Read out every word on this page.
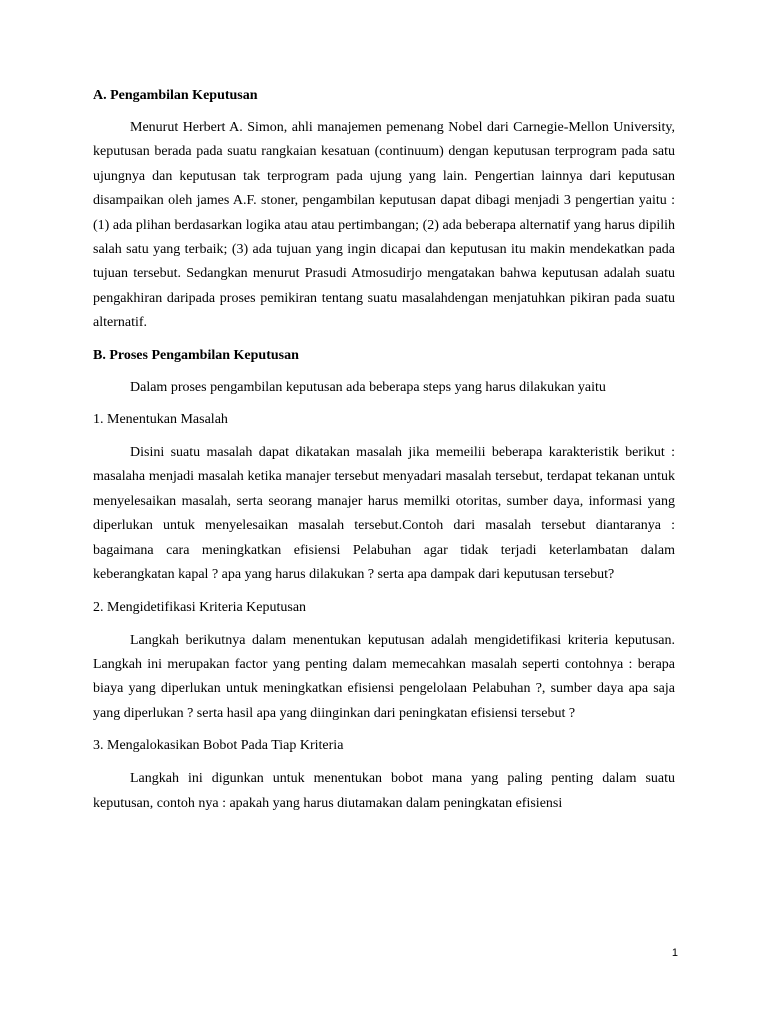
A. Pengambilan Keputusan
Menurut Herbert A. Simon, ahli manajemen pemenang Nobel dari Carnegie-Mellon University, keputusan berada pada suatu rangkaian kesatuan (continuum) dengan keputusan terprogram pada satu ujungnya dan keputusan tak terprogram pada ujung yang lain. Pengertian lainnya dari keputusan disampaikan oleh james A.F. stoner, pengambilan keputusan dapat dibagi menjadi 3 pengertian yaitu : (1) ada plihan berdasarkan logika atau atau pertimbangan; (2) ada beberapa alternatif yang harus dipilih salah satu yang terbaik; (3) ada tujuan yang ingin dicapai dan keputusan itu makin mendekatkan pada tujuan tersebut. Sedangkan menurut Prasudi Atmosudirjo mengatakan bahwa keputusan adalah suatu pengakhiran daripada proses pemikiran tentang suatu masalahdengan menjatuhkan pikiran pada suatu alternatif.
B. Proses Pengambilan Keputusan
Dalam proses pengambilan keputusan ada beberapa steps yang harus dilakukan yaitu
1. Menentukan Masalah
Disini suatu masalah dapat dikatakan masalah jika memeilii beberapa karakteristik berikut : masalaha menjadi masalah ketika manajer tersebut menyadari masalah tersebut, terdapat tekanan untuk menyelesaikan masalah, serta seorang manajer harus memilki otoritas, sumber daya, informasi yang diperlukan untuk menyelesaikan masalah tersebut.Contoh dari masalah tersebut diantaranya : bagaimana cara meningkatkan efisiensi Pelabuhan agar tidak terjadi keterlambatan dalam keberangkatan kapal ? apa yang harus dilakukan ? serta apa dampak dari keputusan tersebut?
2. Mengidetifikasi Kriteria Keputusan
Langkah berikutnya dalam menentukan keputusan adalah mengidetifikasi kriteria keputusan. Langkah ini merupakan factor yang penting dalam memecahkan masalah seperti contohnya : berapa biaya yang diperlukan untuk meningkatkan efisiensi pengelolaan Pelabuhan ?, sumber daya apa saja yang diperlukan ? serta hasil apa yang diinginkan dari peningkatan efisiensi tersebut ?
3. Mengalokasikan Bobot Pada Tiap Kriteria
Langkah ini digunkan untuk menentukan bobot mana yang paling penting dalam suatu keputusan, contoh nya : apakah yang harus diutamakan dalam peningkatan efisiensi
1
